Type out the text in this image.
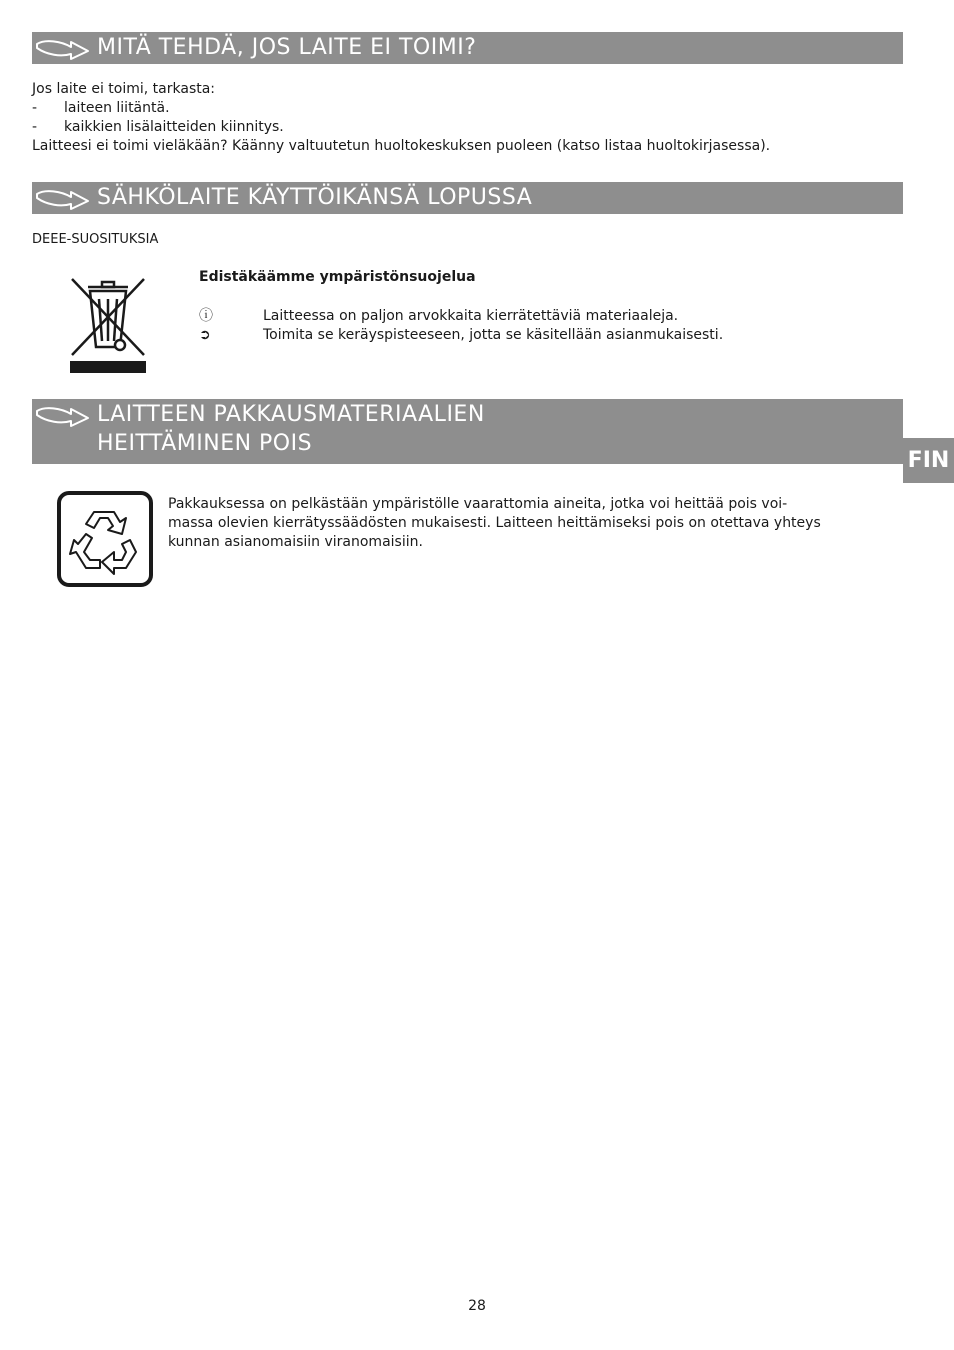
MITÄ TEHDÄ, JOS LAITE EI TOIMI?
Jos laite ei toimi, tarkasta:
- laiteen liitäntä.
- kaikkien lisälaitteiden kiinnitys.
Laitteesi ei toimi vieläkään? Käänny valtuutetun huoltokeskuksen puoleen (katso listaa huoltokirjasessa).
SÄHKÖLAITE KÄYTTÖIKÄNSÄ LOPUSSA
DEEE-SUOSITUKSIA
Edistäkäämme ympäristönsuojelua
ⓘ	Laitteessa on paljon arvokkaita kierrätettäviä materiaaleja.
➲	Toimita se keräyspisteeseen, jotta se käsitellään asianmukaisesti.
LAITTEEN PAKKAUSMATERIAALIEN
HEITTÄMINEN POIS
FIN
Pakkauksessa on pelkästään ympäristölle vaarattomia aineita, jotka voi heittää pois voi-
massa olevien kierrätyssäädösten mukaisesti. Laitteen heittämiseksi pois on otettava yhteys
kunnan asianomaisiin viranomaisiin.
28
